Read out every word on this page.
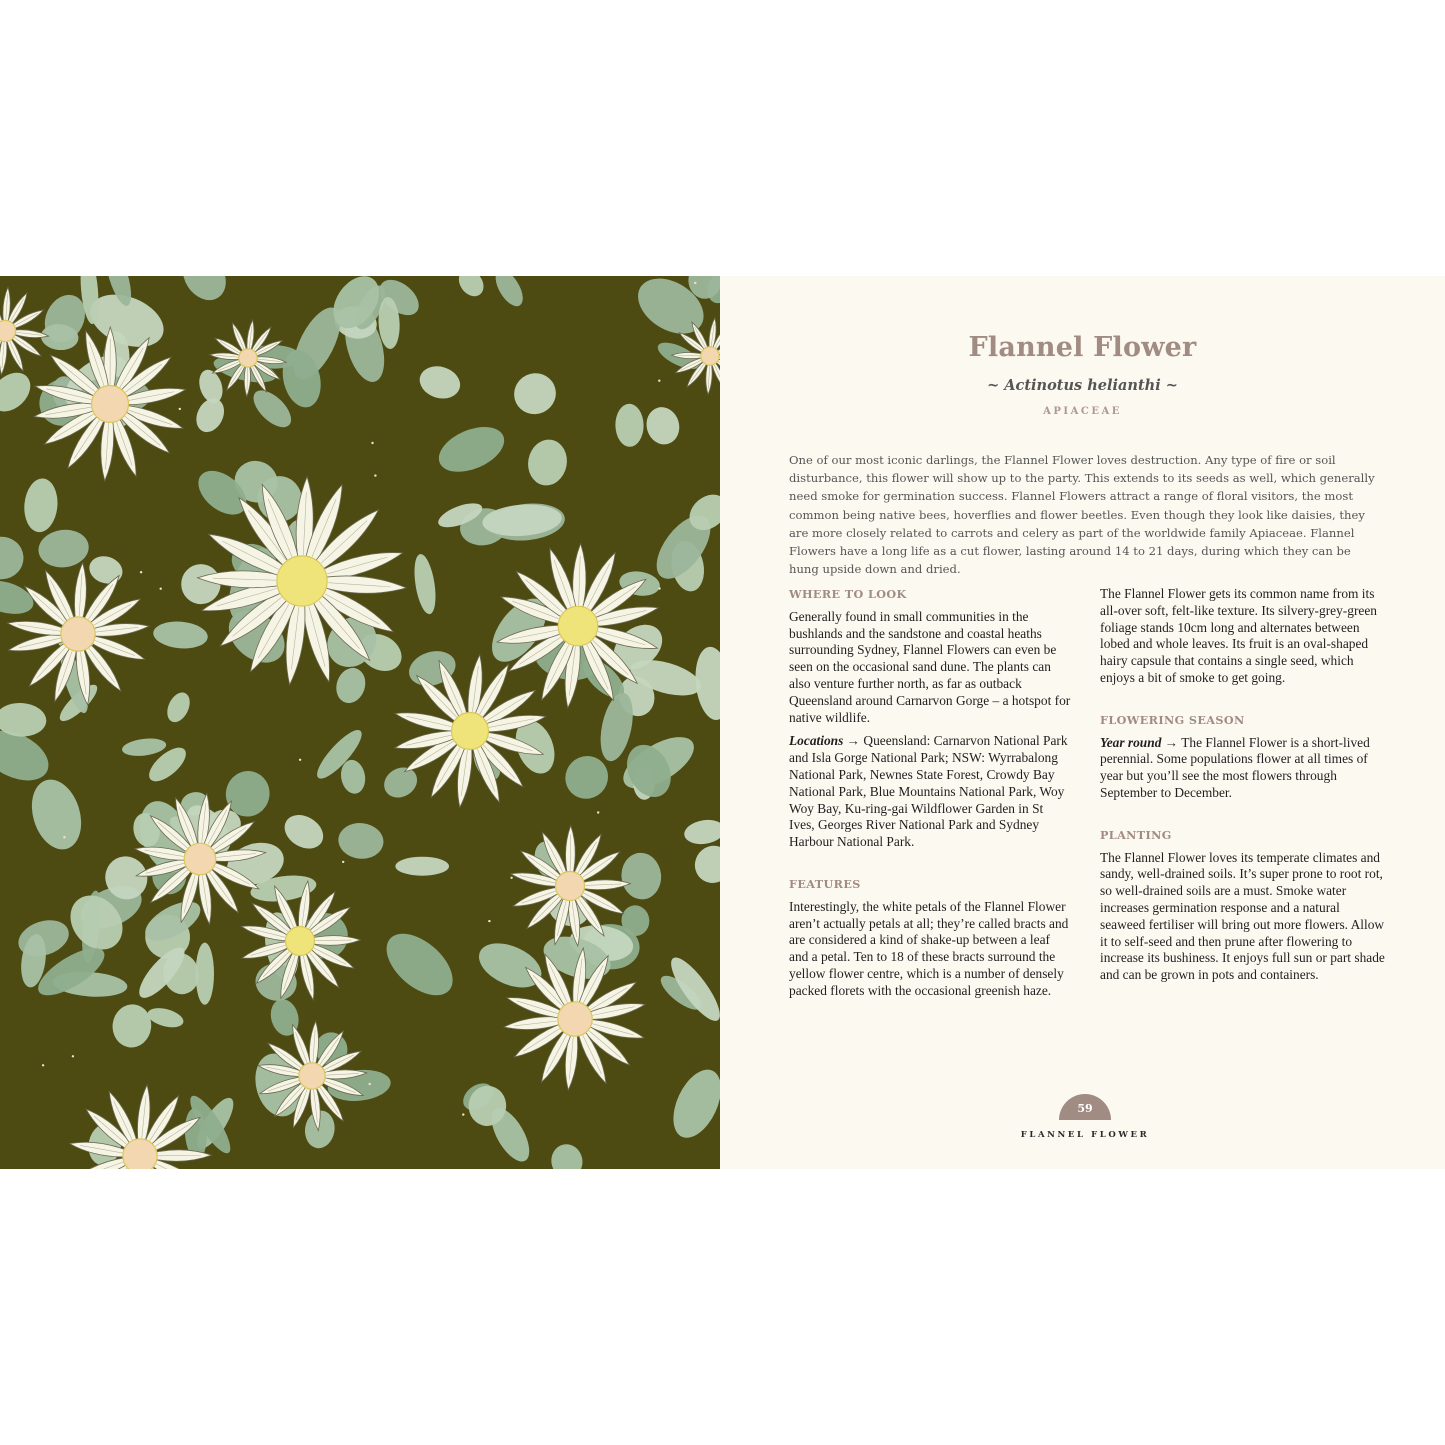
Flannel Flower
~ Actinotus helianthi ~
APIACEAE
One of our most iconic darlings, the Flannel Flower loves destruction. Any type of fire or soil disturbance, this flower will show up to the party. This extends to its seeds as well, which generally need smoke for germination success. Flannel Flowers attract a range of floral visitors, the most common being native bees, hoverflies and flower beetles. Even though they look like daisies, they are more closely related to carrots and celery as part of the worldwide family Apiaceae. Flannel Flowers have a long life as a cut flower, lasting around 14 to 21 days, during which they can be hung upside down and dried.
WHERE TO LOOK

Generally found in small communities in the bushlands and the sandstone and coastal heaths surrounding Sydney, Flannel Flowers can even be seen on the occasional sand dune. The plants can also venture further north, as far as outback Queensland around Carnarvon Gorge – a hotspot for native wildlife.

Locations → Queensland: Carnarvon National Park and Isla Gorge National Park; NSW: Wyrrabalong National Park, Newnes State Forest, Crowdy Bay National Park, Blue Mountains National Park, Woy Woy Bay, Ku-ring-gai Wildflower Garden in St Ives, Georges River National Park and Sydney Harbour National Park.

FEATURES

Interestingly, the white petals of the Flannel Flower aren’t actually petals at all; they’re called bracts and are considered a kind of shake-up between a leaf and a petal. Ten to 18 of these bracts surround the yellow flower centre, which is a number of densely packed florets with the occasional greenish haze.

The Flannel Flower gets its common name from its all-over soft, felt-like texture. Its silvery-grey-green foliage stands 10cm long and alternates between lobed and whole leaves. Its fruit is an oval-shaped hairy capsule that contains a single seed, which enjoys a bit of smoke to get going.

FLOWERING SEASON

Year round → The Flannel Flower is a short-lived perennial. Some populations flower at all times of year but you’ll see the most flowers through September to December.

PLANTING

The Flannel Flower loves its temperate climates and sandy, well-drained soils. It’s super prone to root rot, so well-drained soils are a must. Smoke water increases germination response and a natural seaweed fertiliser will bring out more flowers. Allow it to self-seed and then prune after flowering to increase its bushiness. It enjoys full sun or part shade and can be grown in pots and containers.

59
FLANNEL FLOWER
